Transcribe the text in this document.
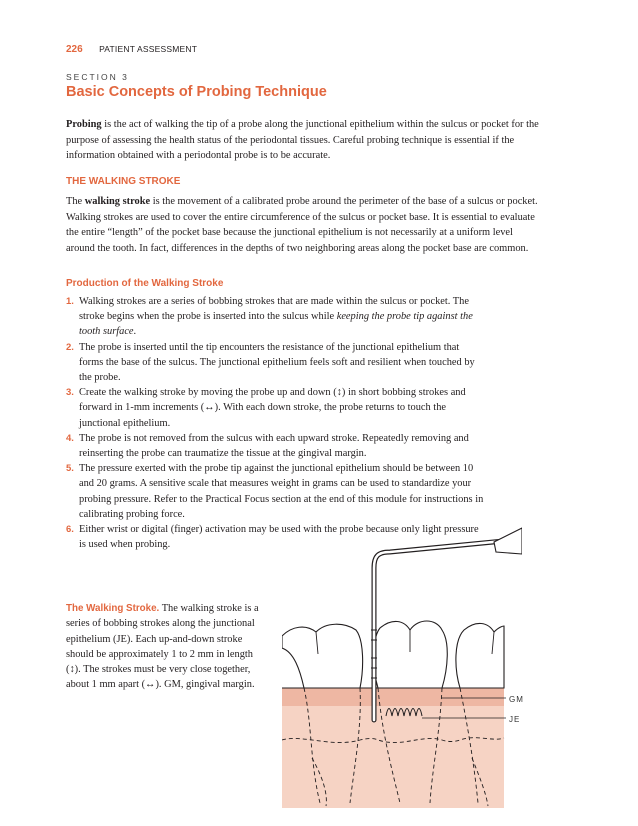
226 PATIENT ASSESSMENT
SECTION 3
Basic Concepts of Probing Technique

Probing is the act of walking the tip of a probe along the junctional epithelium within the sulcus or pocket for the purpose of assessing the health status of the periodontal tissues. Careful probing technique is essential if the information obtained with a periodontal probe is to be accurate.

THE WALKING STROKE

The walking stroke is the movement of a calibrated probe around the perimeter of the base of a sulcus or pocket. Walking strokes are used to cover the entire circumference of the sulcus or pocket base. It is essential to evaluate the entire “length” of the pocket base because the junctional epithelium is not necessarily at a uniform level around the tooth. In fact, differences in the depths of two neighboring areas along the pocket base are common.

Production of the Walking Stroke
1. Walking strokes are a series of bobbing strokes that are made within the sulcus or pocket. The stroke begins when the probe is inserted into the sulcus while keeping the probe tip against the tooth surface.
2. The probe is inserted until the tip encounters the resistance of the junctional epithelium that forms the base of the sulcus. The junctional epithelium feels soft and resilient when touched by the probe.
3. Create the walking stroke by moving the probe up and down (↕) in short bobbing strokes and forward in 1-mm increments (↔). With each down stroke, the probe returns to touch the junctional epithelium.
4. The probe is not removed from the sulcus with each upward stroke. Repeatedly removing and reinserting the probe can traumatize the tissue at the gingival margin.
5. The pressure exerted with the probe tip against the junctional epithelium should be between 10 and 20 grams. A sensitive scale that measures weight in grams can be used to standardize your probing pressure. Refer to the Practical Focus section at the end of this module for instructions in calibrating probing force.
6. Either wrist or digital (finger) activation may be used with the probe because only light pressure is used when probing.

The Walking Stroke. The walking stroke is a series of bobbing strokes along the junctional epithelium (JE). Each up-and-down stroke should be approximately 1 to 2 mm in length (↕). The strokes must be very close together, about 1 mm apart (↔). GM, gingival margin.

GM
JE
